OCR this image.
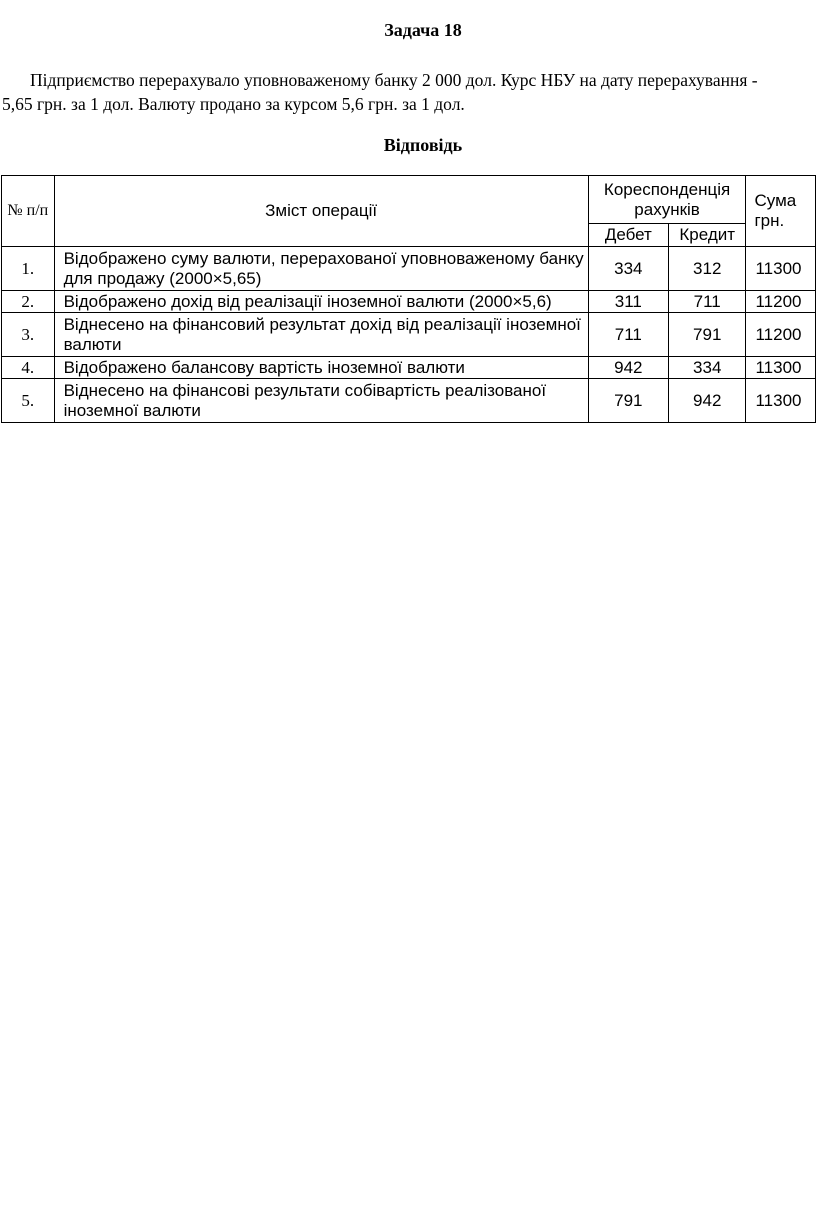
Задача 18
Підприємство перерахувало уповноваженому банку 2 000 дол. Курс НБУ на дату перерахування -
5,65 грн. за 1 дол. Валюту продано за курсом 5,6 грн. за 1 дол.
Відповідь
№ п/п	Зміст операції	Кореспонденція рахунків		Сума грн.
		Дебет	Кредит	
1.	Відображено суму валюти, перерахованої уповноваженому банку для продажу (2000×5,65)	334	312	11300
2.	Відображено дохід від реалізації іноземної валюти (2000×5,6)	311	711	11200
3.	Віднесено на фінансовий результат дохід від реалізації іноземної валюти	711	791	11200
4.	Відображено балансову вартість іноземної валюти	942	334	11300
5.	Віднесено на фінансові результати собівартість реалізованої іноземної валюти	791	942	11300
